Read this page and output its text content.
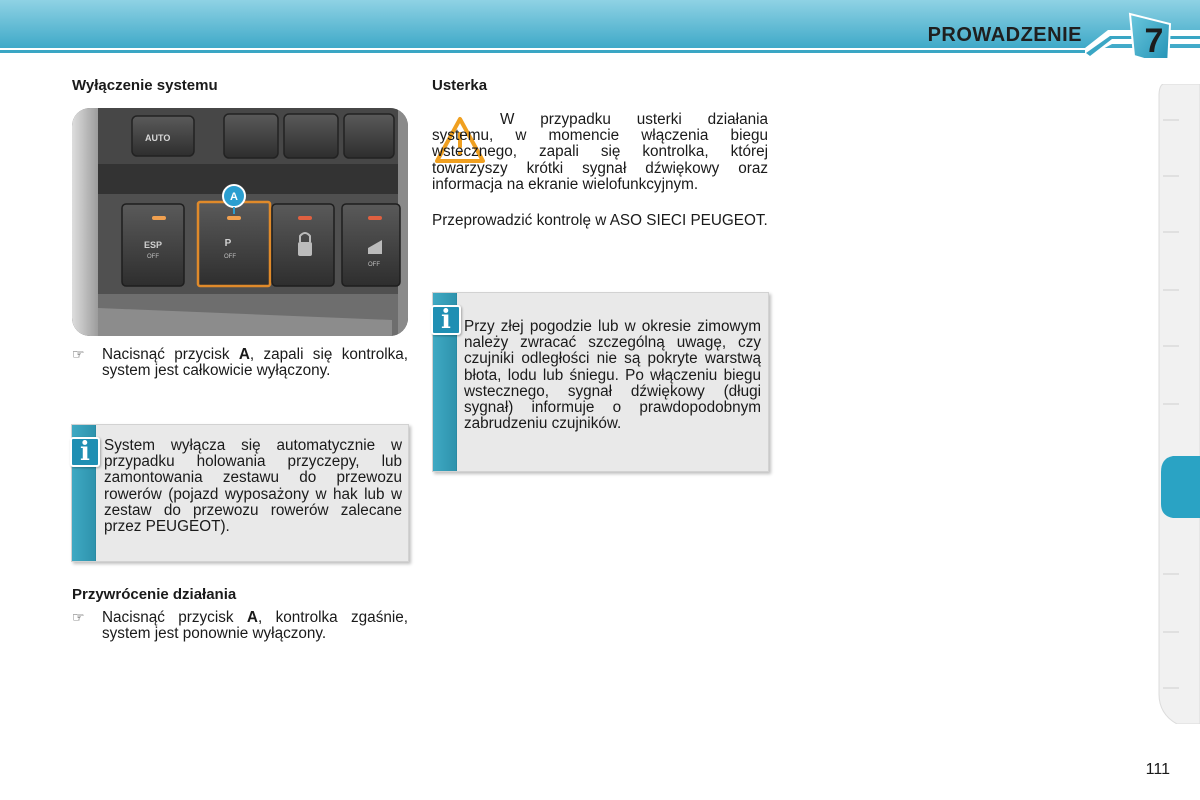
PROWADZENIE 7
Wyłączenie systemu
AUTO
A
ESP
OFF
P
OFF
OFF
☞	Nacisnąć przycisk A, zapali się kontrolka, system jest całkowicie wyłączony.
i System wyłącza się automatycznie w przypadku holowania przyczepy, lub zamontowania zestawu do przewozu rowerów (pojazd wyposażony w hak lub w zestaw do przewozu rowerów zalecane przez PEUGEOT).
Przywrócenie działania
☞	Nacisnąć przycisk A, kontrolka zgaśnie, system jest ponownie wyłączony.
Usterka
W przypadku usterki działania systemu, w momencie włączenia biegu wstecznego, zapali się kontrolka, której towarzyszy krótki sygnał dźwiękowy oraz informacja na ekranie wielofunkcyjnym.
Przeprowadzić kontrolę w ASO SIECI PEUGEOT.
i Przy złej pogodzie lub w okresie zimowym należy zwracać szczególną uwagę, czy czujniki odległości nie są pokryte warstwą błota, lodu lub śniegu. Po włączeniu biegu wstecznego, sygnał dźwiękowy (długi sygnał) informuje o prawdopodobnym zabrudzeniu czujników.
111
